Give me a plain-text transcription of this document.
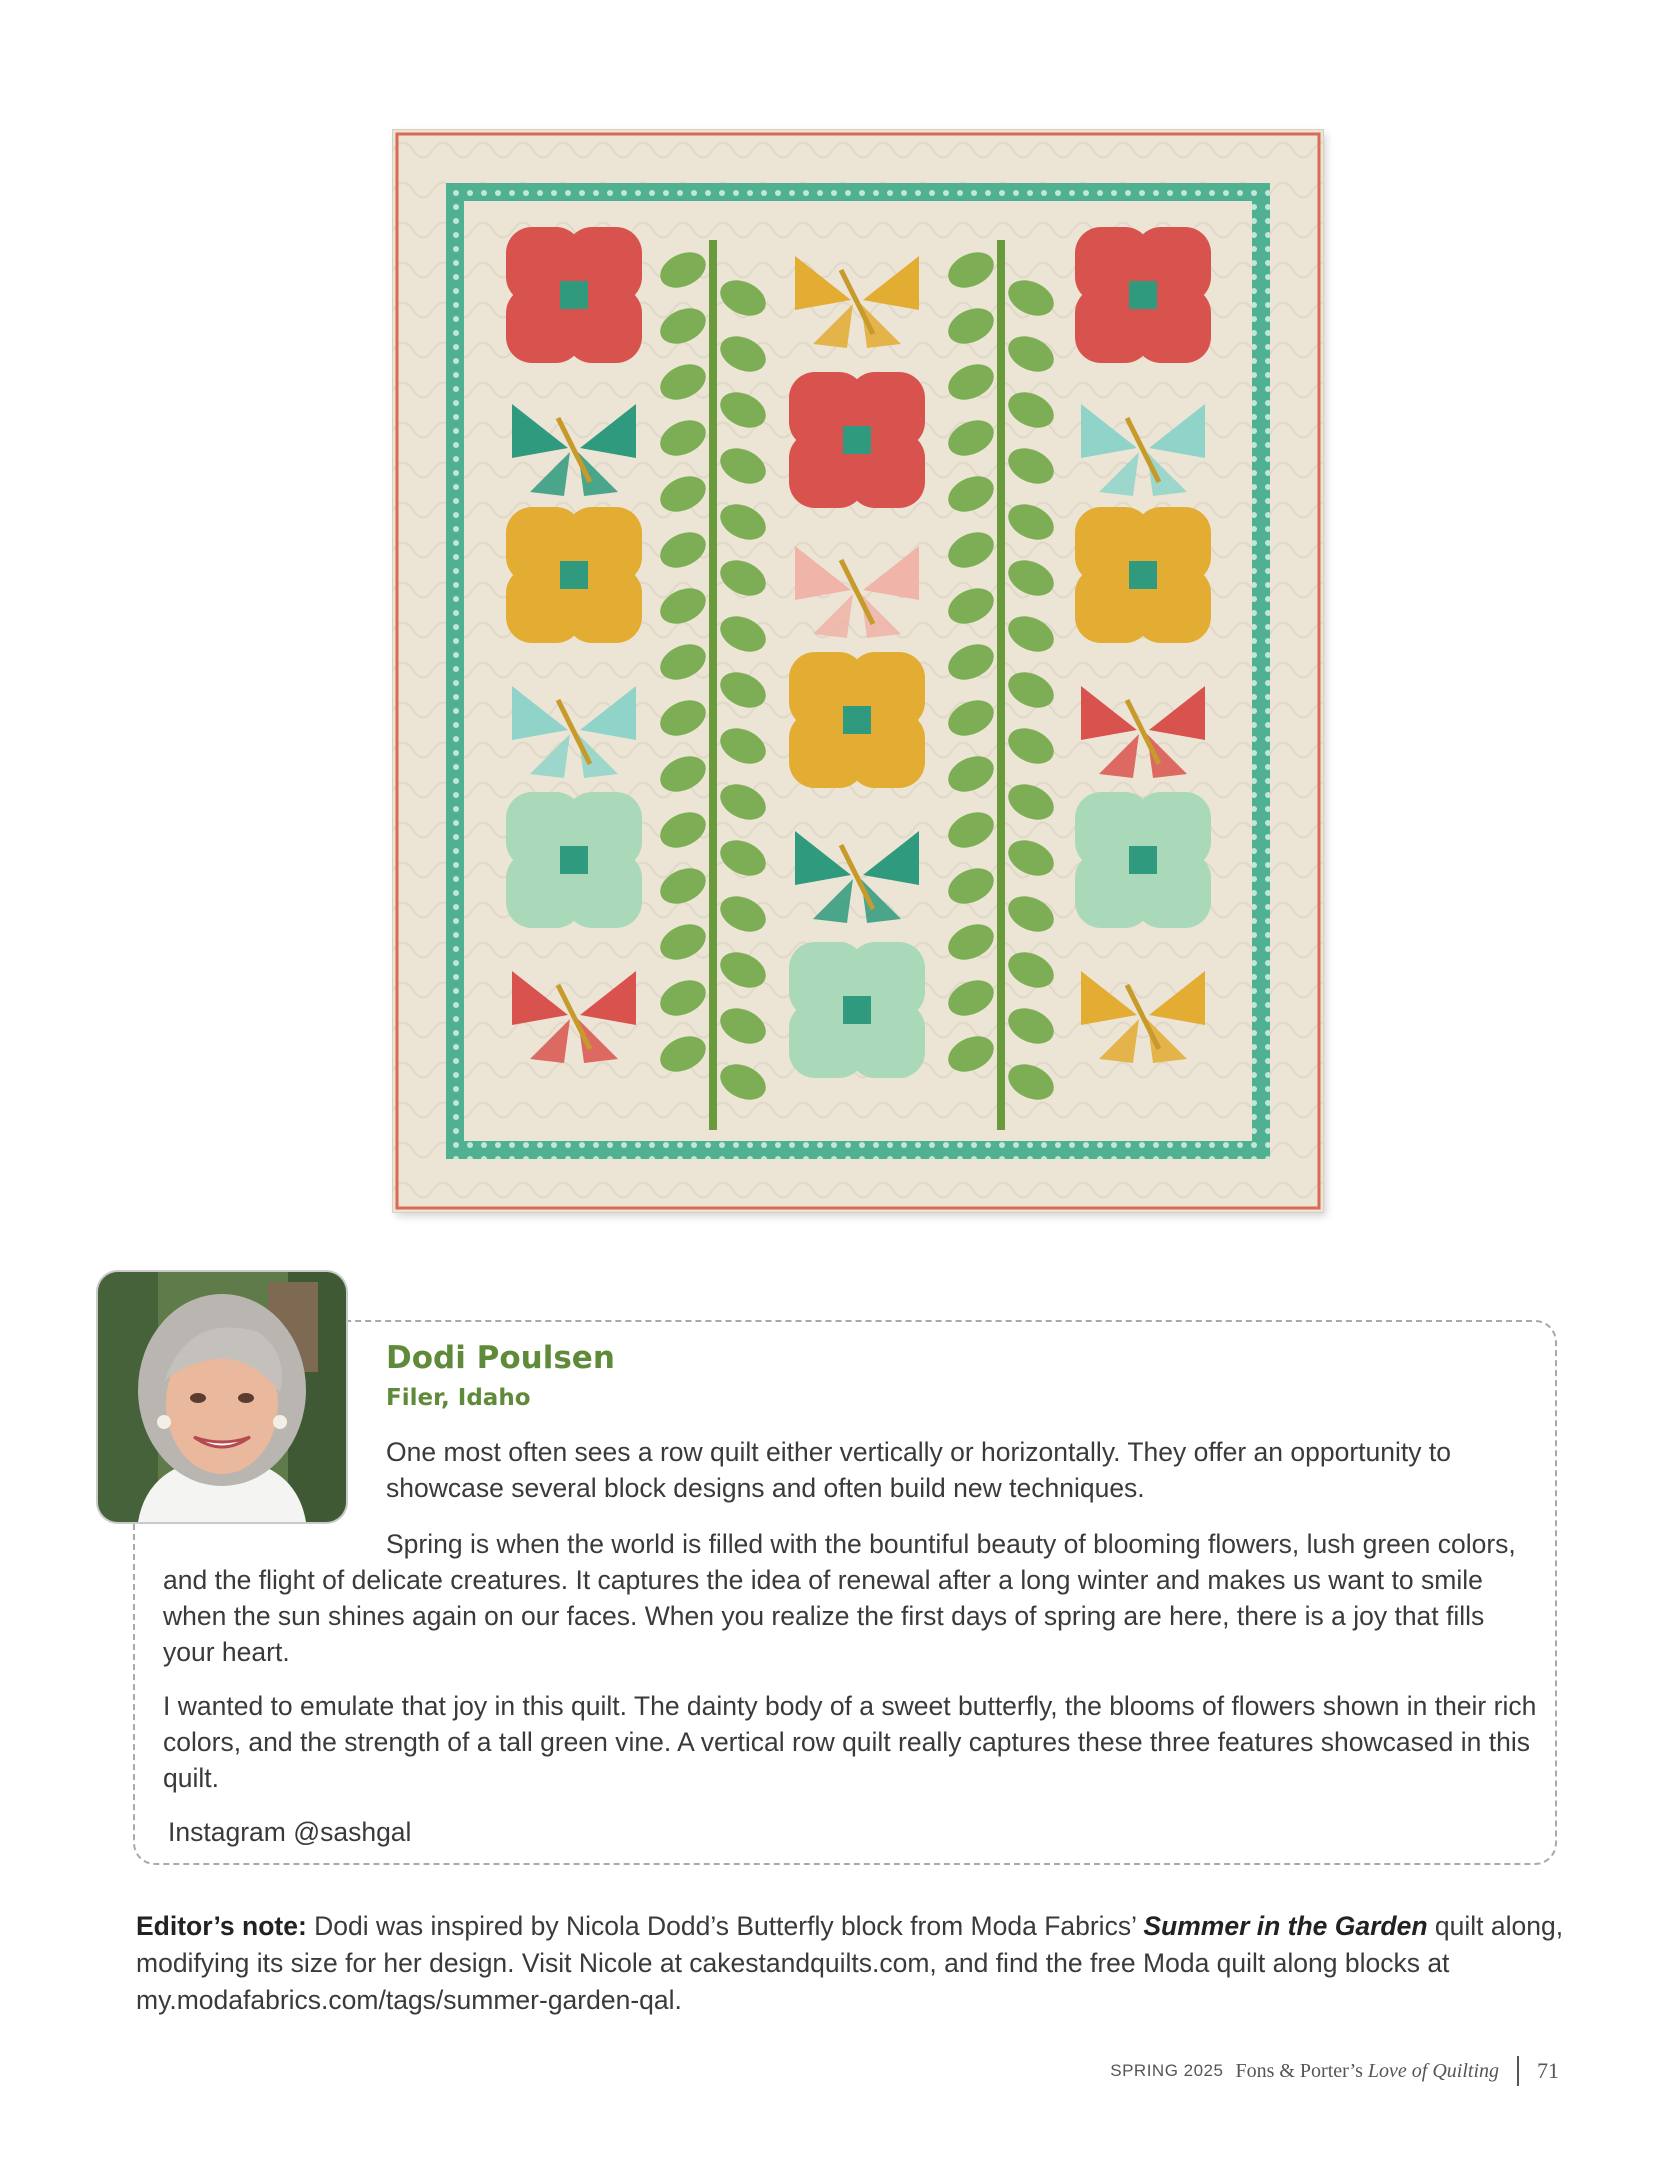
Dodi Poulsen
Filer, Idaho

One most often sees a row quilt either vertically or horizontally. They offer an opportunity to showcase several block designs and often build new techniques.

Spring is when the world is filled with the bountiful beauty of blooming flowers, lush green colors, and the flight of delicate creatures. It captures the idea of renewal after a long winter and makes us want to smile when the sun shines again on our faces. When you realize the first days of spring are here, there is a joy that fills your heart.

I wanted to emulate that joy in this quilt. The dainty body of a sweet butterfly, the blooms of flowers shown in their rich colors, and the strength of a tall green vine. A vertical row quilt really captures these three features showcased in this quilt.

Instagram @sashgal

Editor’s note: Dodi was inspired by Nicola Dodd’s Butterfly block from Moda Fabrics’ Summer in the Garden quilt along, modifying its size for her design. Visit Nicole at cakestandquilts.com, and find the free Moda quilt along blocks at my.modafabrics.com/tags/summer-garden-qal.
SPRING 2025 Fons & Porter’s Love of Quilting 71
